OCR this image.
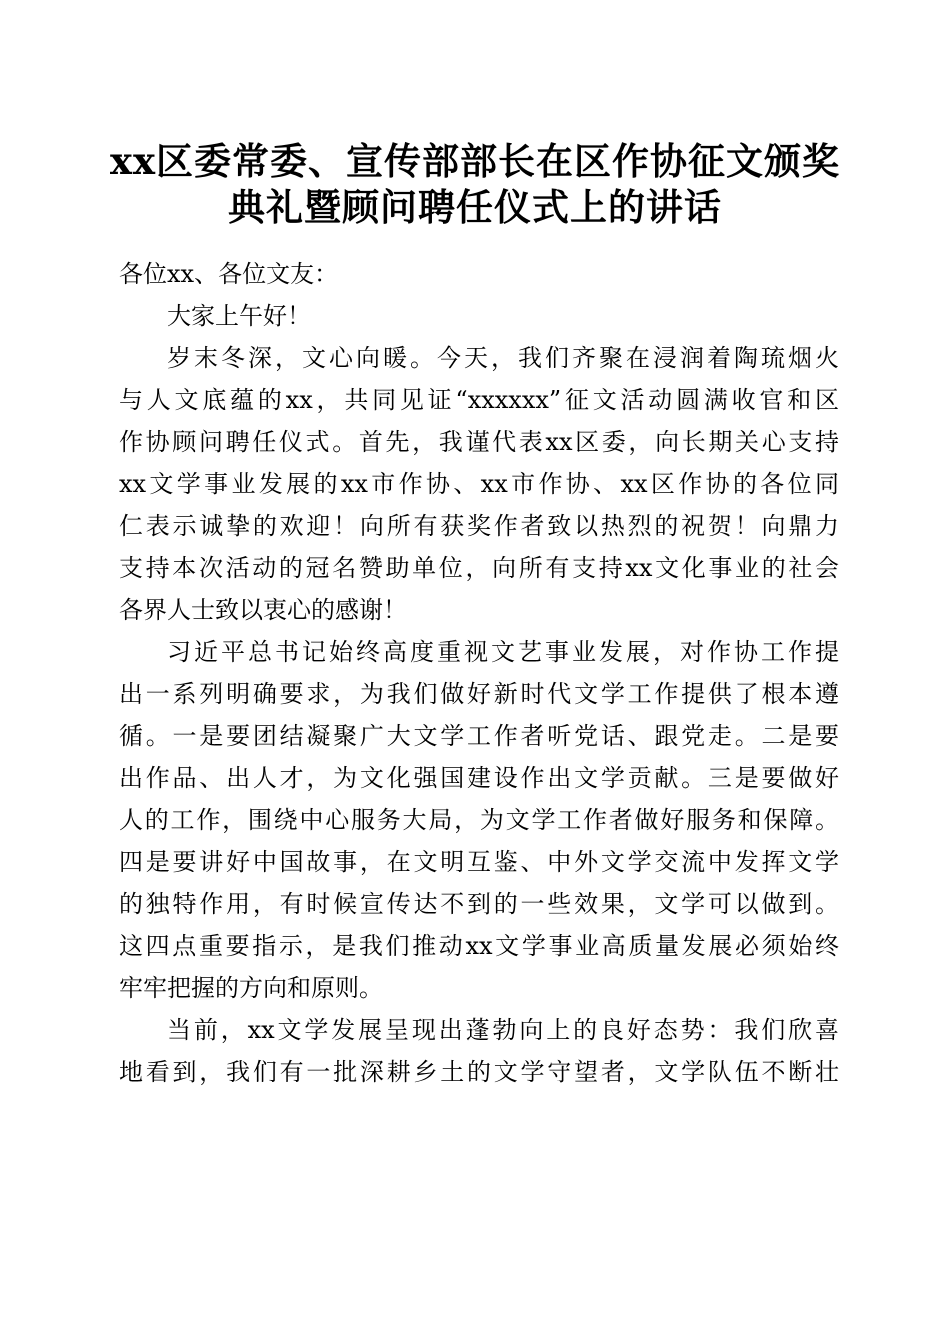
xx区委常委、宣传部部长在区作协征文颁奖
典礼暨顾问聘任仪式上的讲话
各位xx、各位文友：
大家上午好！
岁末冬深，文心向暖。今天，我们齐聚在浸润着陶琉烟火
与人文底蕴的xx，共同见证“xxxxxx”征文活动圆满收官和区
作协顾问聘任仪式。首先，我谨代表xx区委，向长期关心支持
xx文学事业发展的xx市作协、xx市作协、xx区作协的各位同
仁表示诚挚的欢迎！向所有获奖作者致以热烈的祝贺！向鼎力
支持本次活动的冠名赞助单位，向所有支持xx文化事业的社会
各界人士致以衷心的感谢！
习近平总书记始终高度重视文艺事业发展，对作协工作提
出一系列明确要求，为我们做好新时代文学工作提供了根本遵
循。一是要团结凝聚广大文学工作者听党话、跟党走。二是要
出作品、出人才，为文化强国建设作出文学贡献。三是要做好
人的工作，围绕中心服务大局，为文学工作者做好服务和保障。
四是要讲好中国故事，在文明互鉴、中外文学交流中发挥文学
的独特作用，有时候宣传达不到的一些效果，文学可以做到。
这四点重要指示，是我们推动xx文学事业高质量发展必须始终
牢牢把握的方向和原则。
当前，xx文学发展呈现出蓬勃向上的良好态势：我们欣喜
地看到，我们有一批深耕乡土的文学守望者，文学队伍不断壮
